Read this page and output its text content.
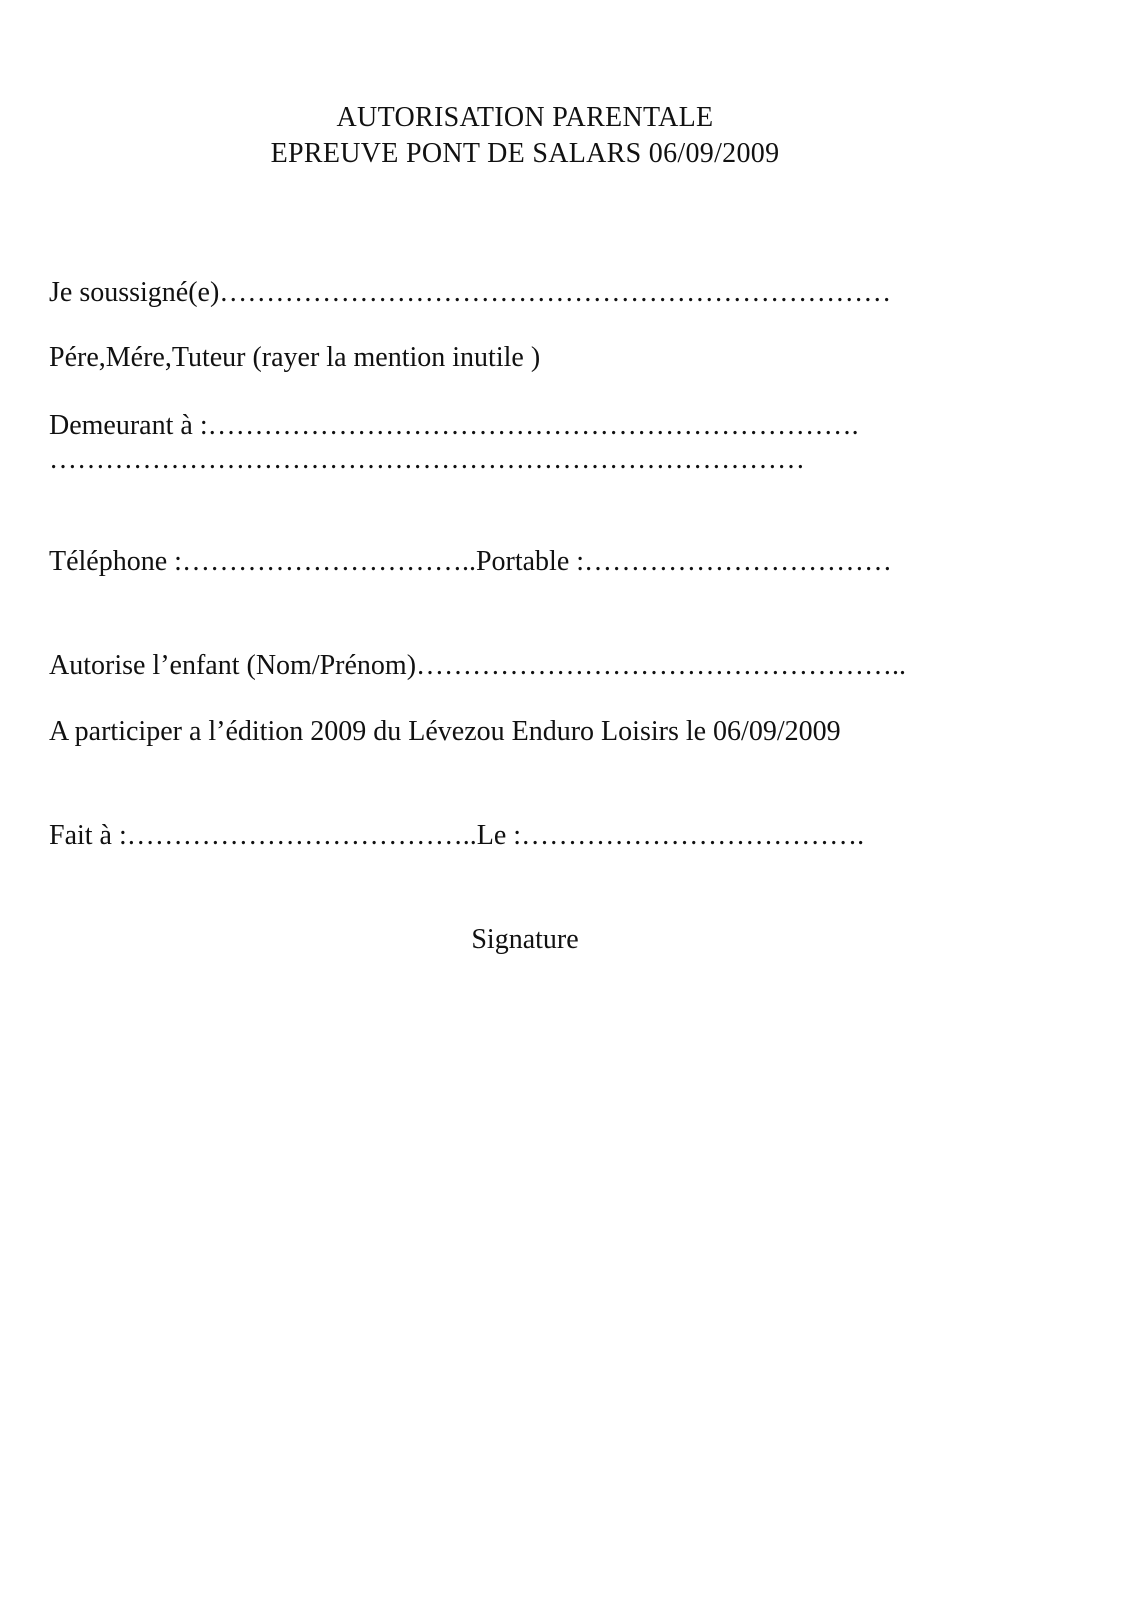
AUTORISATION PARENTALE
EPREUVE PONT DE SALARS 06/09/2009
Je soussigné(e)………………………………………………………………
Pére,Mére,Tuteur (rayer la mention inutile )
Demeurant à :…………………………………………………………….
………………………………………………………………………
Téléphone :…………………………..Portable :……………………………
Autorise l’enfant (Nom/Prénom)……………………………………………..
A participer a l’édition 2009 du Lévezou Enduro Loisirs le 06/09/2009
Fait à :………………………………..Le :……………………………….
Signature
